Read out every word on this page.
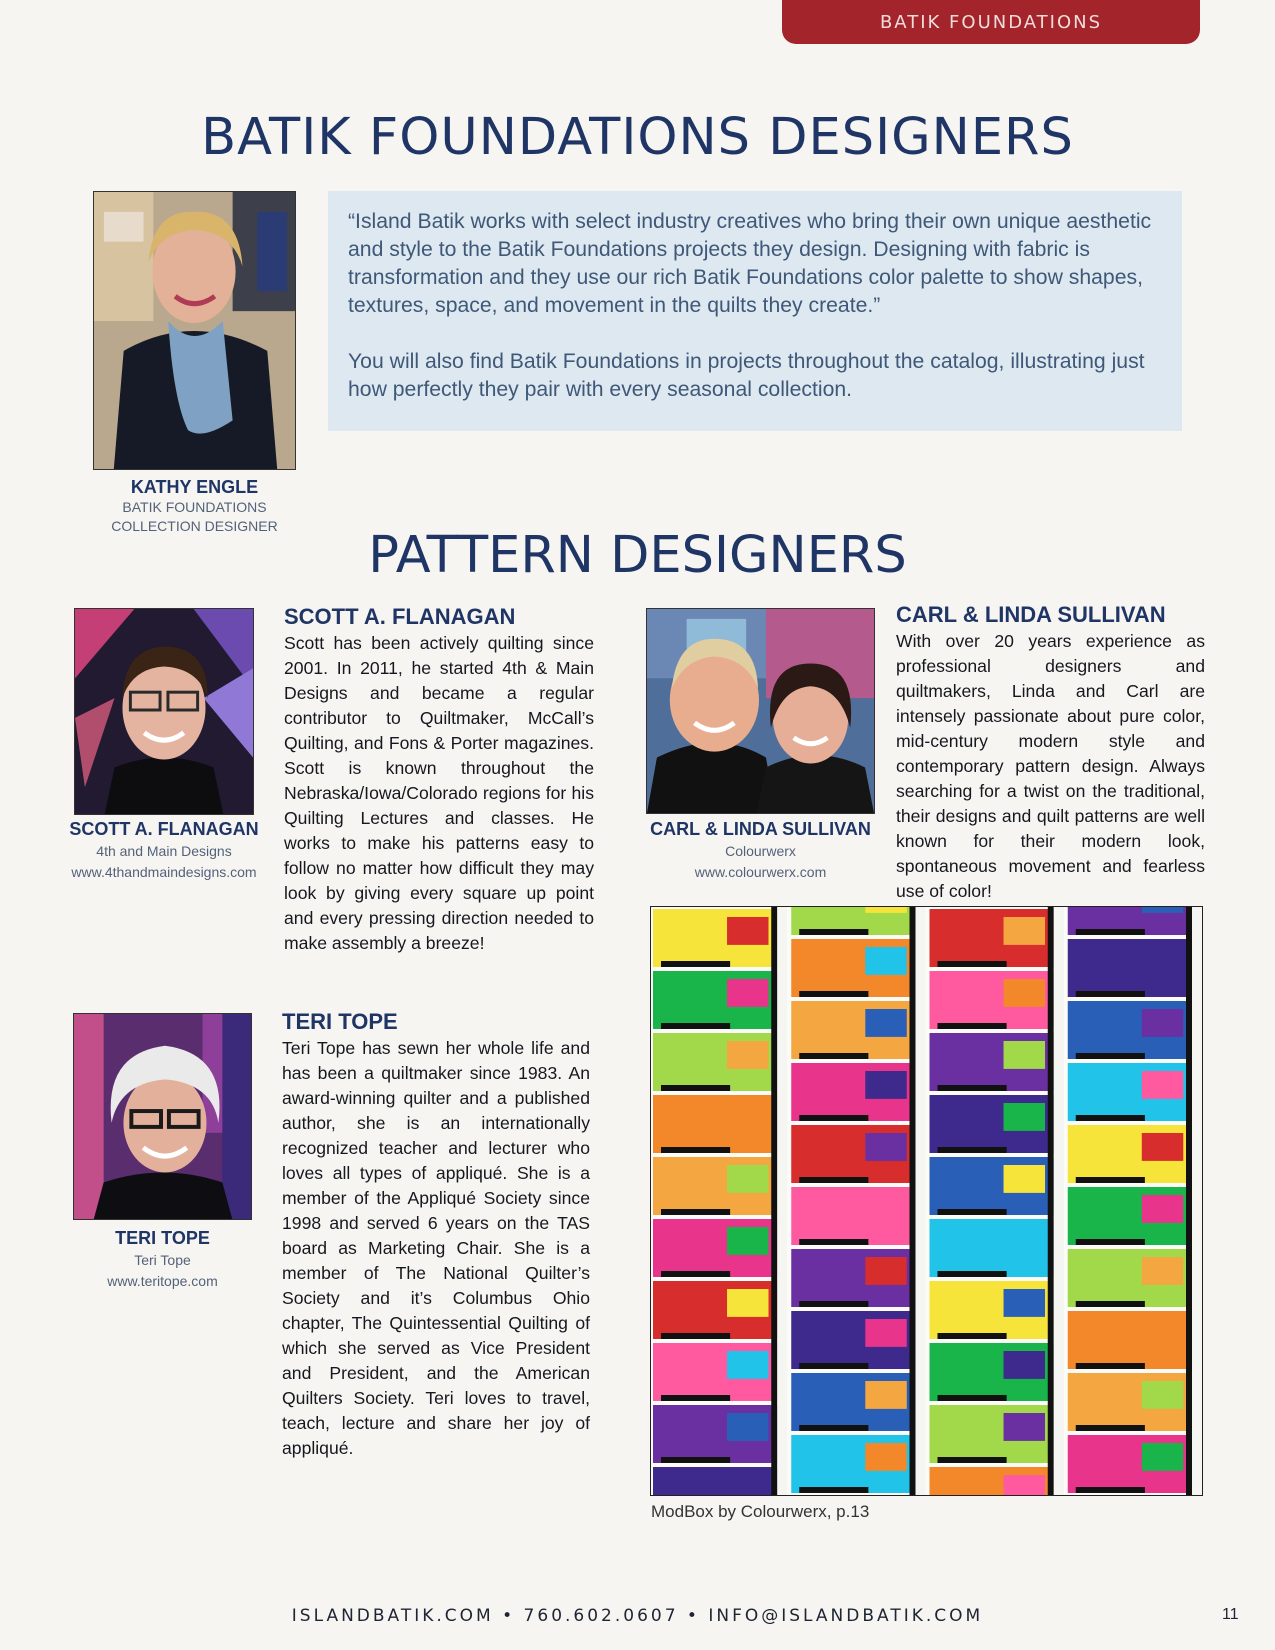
BATIK FOUNDATIONS
BATIK FOUNDATIONS DESIGNERS

“Island Batik works with select industry creatives who bring their own unique aesthetic and style to the Batik Foundations projects they design. Designing with fabric is transformation and they use our rich Batik Foundations color palette to show shapes, textures, space, and movement in the quilts they create.”

You will also find Batik Foundations in projects throughout the catalog, illustrating just how perfectly they pair with every seasonal collection.

KATHY ENGLE
BATIK FOUNDATIONS
COLLECTION DESIGNER	PATTERN DESIGNERS
SCOTT A. FLANAGAN
4th and Main Designs
www.4thandmaindesigns.com
SCOTT A. FLANAGAN

Scott has been actively quilting since 2001. In 2011, he started 4th & Main Designs and became a regular contributor to Quiltmaker, McCall’s Quilting, and Fons & Porter magazines. Scott is known throughout the Nebraska/Iowa/Colorado regions for his Quilting Lectures and classes. He works to make his patterns easy to follow no matter how difficult they may look by giving every square up point and every pressing direction needed to make assembly a breeze!

CARL & LINDA SULLIVAN
Colourwerx
www.colourwerx.com
CARL & LINDA SULLIVAN

With over 20 years experience as professional designers and quiltmakers, Linda and Carl are intensely passionate about pure color, mid-century modern style and contemporary pattern design. Always searching for a twist on the traditional, their designs and quilt patterns are well known for their modern look, spontaneous movement and fearless use of color!

TERI TOPE
Teri Tope
www.teritope.com
TERI TOPE

Teri Tope has sewn her whole life and has been a quiltmaker since 1983. An award-winning quilter and a published author, she is an internationally recognized teacher and lecturer who loves all types of appliqué. She is a member of the Appliqué Society since 1998 and served 6 years on the TAS board as Marketing Chair. She is a member of The National Quilter’s Society and it’s Columbus Ohio chapter, The Quintessential Quilting of which she served as Vice President and President, and the American Quilters Society. Teri loves to travel, teach, lecture and share her joy of appliqué.

ModBox by Colourwerx, p.13
ISLANDBATIK.COM • 760.602.0607 • INFO@ISLANDBATIK.COM	11
